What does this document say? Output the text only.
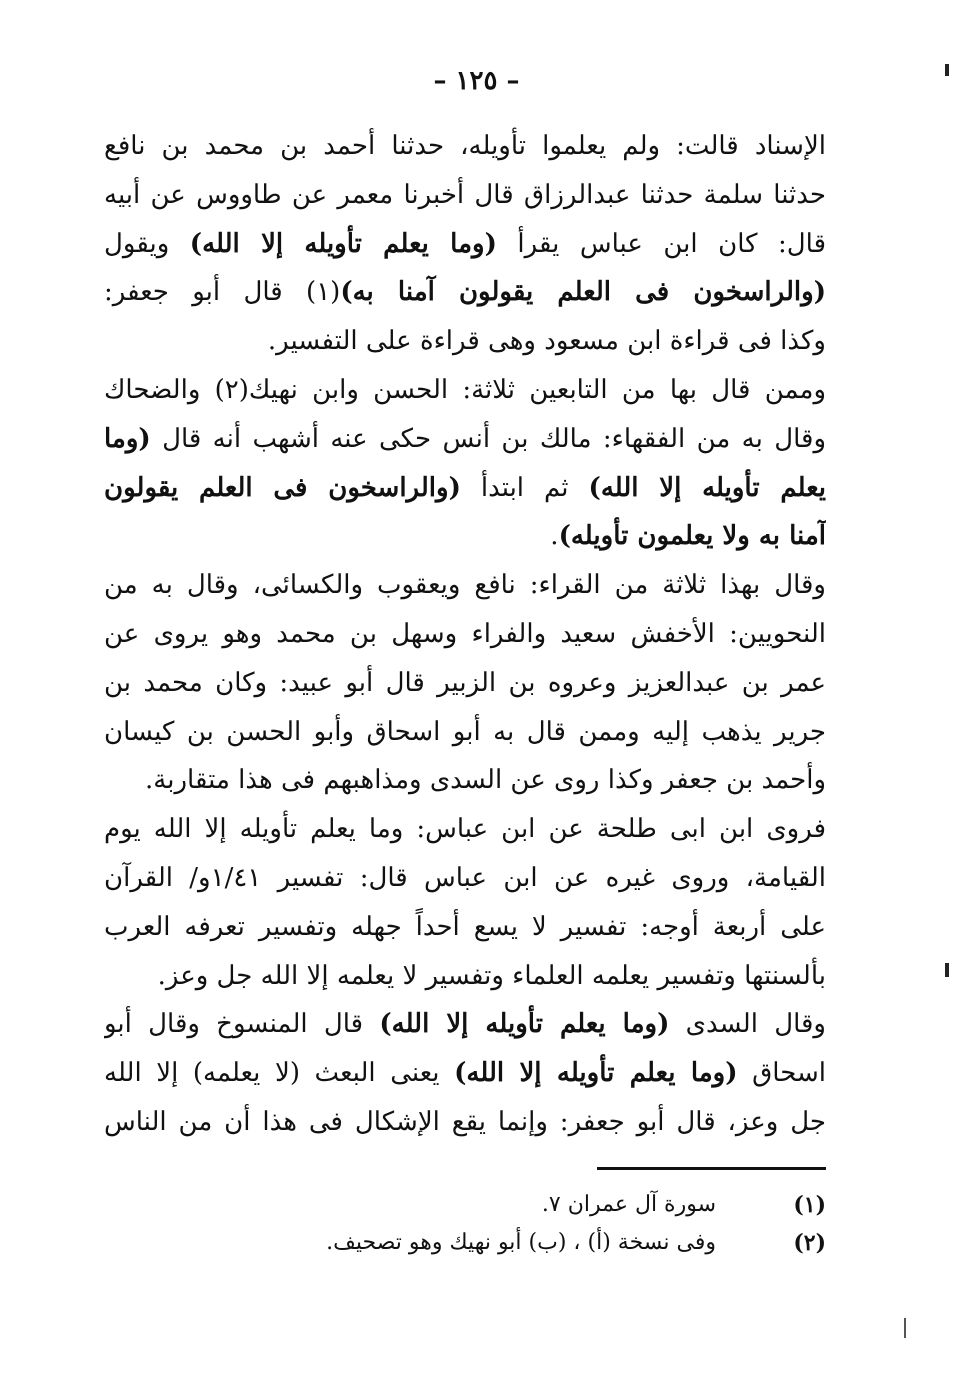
– ١٢٥ –
الإسناد قالت: ولم يعلموا تأويله، حدثنا أحمد بن محمد بن نافع
حدثنا سلمة حدثنا عبدالرزاق قال أخبرنا معمر عن طاووس عن أبيه
قال: كان ابن عباس يقرأ (وما يعلم تأويله إلا الله) ويقول
(والراسخون فى العلم يقولون آمنا به)(١) قال أبو جعفر:
وكذا فى قراءة ابن مسعود وهى قراءة على التفسير.
وممن قال بها من التابعين ثلاثة: الحسن وابن نهيك(٢) والضحاك
وقال به من الفقهاء: مالك بن أنس حكى عنه أشهب أنه قال (وما
يعلم تأويله إلا الله) ثم ابتدأ (والراسخون فى العلم يقولون
آمنا به ولا يعلمون تأويله).
وقال بهذا ثلاثة من القراء: نافع ويعقوب والكسائى، وقال به من
النحويين: الأخفش سعيد والفراء وسهل بن محمد وهو يروى عن
عمر بن عبدالعزيز وعروه بن الزبير قال أبو عبيد: وكان محمد بن
جرير يذهب إليه وممن قال به أبو اسحاق وأبو الحسن بن كيسان
وأحمد بن جعفر وكذا روى عن السدى ومذاهبهم فى هذا متقاربة.
فروى ابن ابى طلحة عن ابن عباس: وما يعلم تأويله إلا الله يوم
القيامة، وروى غيره عن ابن عباس قال: تفسير ١/٤١و/ القرآن
على أربعة أوجه: تفسير لا يسع أحداً جهله وتفسير تعرفه العرب
بألسنتها وتفسير يعلمه العلماء وتفسير لا يعلمه إلا الله جل وعز.
وقال السدى (وما يعلم تأويله إلا الله) قال المنسوخ وقال أبو
اسحاق (وما يعلم تأويله إلا الله) يعنى البعث (لا يعلمه) إلا الله
جل وعز، قال أبو جعفر: وإنما يقع الإشكال فى هذا أن من الناس
(١)
سورة آل عمران ٧.
(٢)
وفى نسخة (أ) ، (ب) أبو نهيك وهو تصحيف.
